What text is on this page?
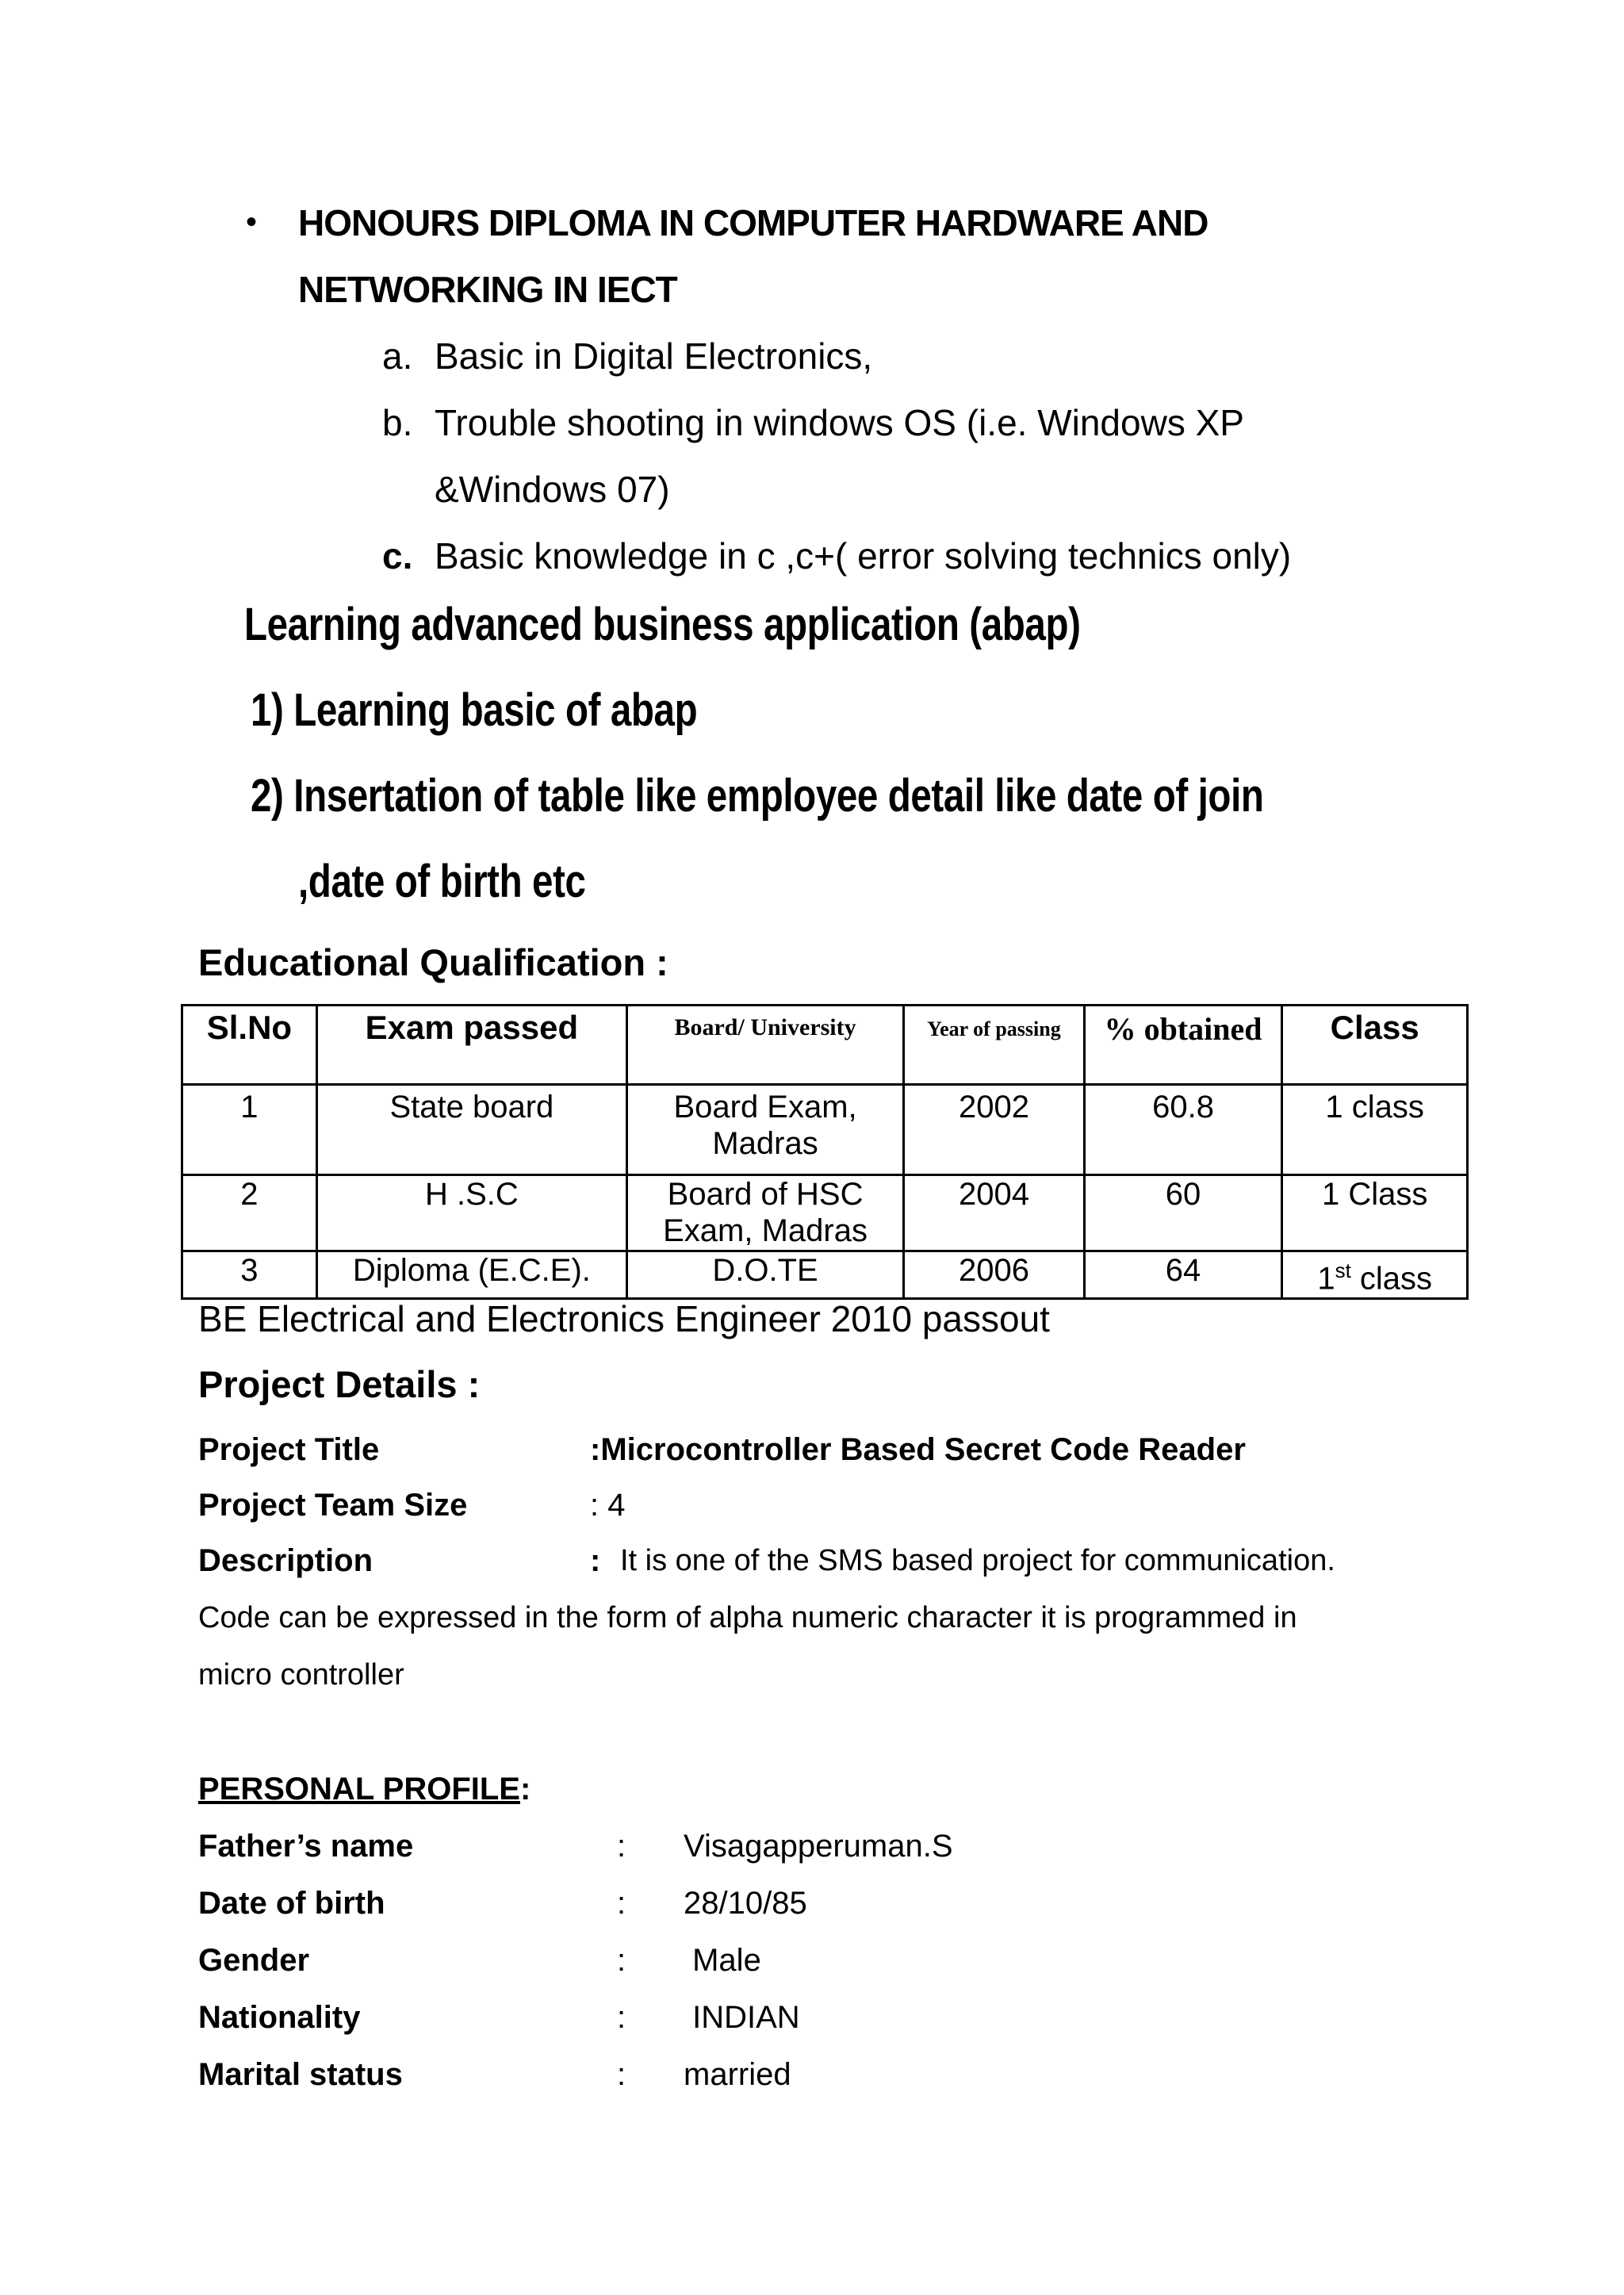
• HONOURS DIPLOMA IN COMPUTER HARDWARE AND
NETWORKING IN IECT
a. Basic in Digital Electronics,
b. Trouble shooting in windows OS (i.e. Windows XP
&Windows 07)
c. Basic knowledge in c ,c+( error solving technics only)
Learning advanced business application (abap)
1) Learning basic of abap
2) Insertation of table like employee detail like date of join
,date of birth etc
Educational Qualification :
Sl.No	Exam passed	Board/ University	Year of passing	% obtained	Class
1	State board	Board Exam, Madras	2002	60.8	1 class
2	H .S.C	Board of HSC Exam, Madras	2004	60	1 Class
3	Diploma (E.C.E).	D.O.TE	2006	64	1st class
BE Electrical and Electronics Engineer 2010 passout
Project Details :
Project Title	:Microcontroller Based Secret Code Reader
Project Team Size	: 4
Description	: It is one of the SMS based project for communication.
Code can be expressed in the form of alpha numeric character it is programmed in
micro controller
PERSONAL PROFILE:
Father’s name	: Visagapperuman.S
Date of birth	: 28/10/85
Gender	: Male
Nationality	: INDIAN
Marital status	: married
